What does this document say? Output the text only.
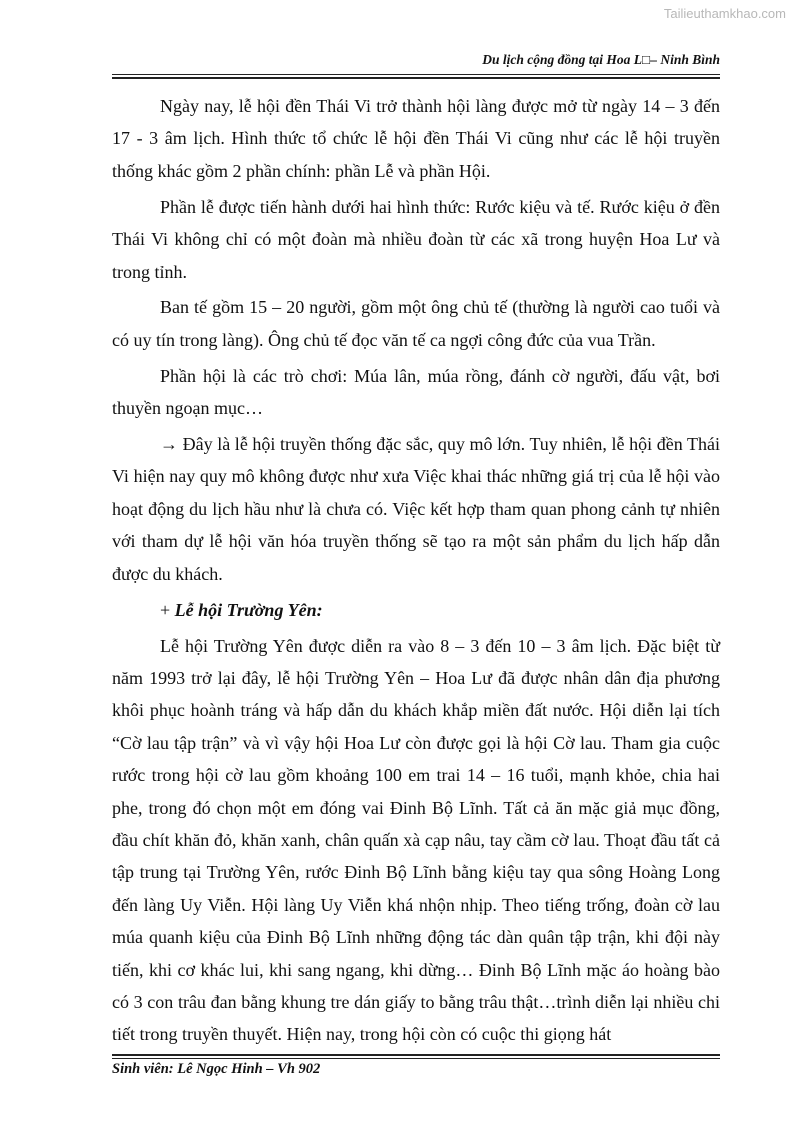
Tailieuthamkhao.com
Du lịch cộng đồng tại Hoa L□– Ninh Bình

Ngày nay, lễ hội đền Thái Vi trở thành hội làng được mở từ ngày 14 – 3 đến 17 - 3 âm lịch. Hình thức tổ chức lễ hội đền Thái Vi cũng như các lễ hội truyền thống khác gồm 2 phần chính: phần Lễ và phần Hội.

Phần lễ được tiến hành dưới hai hình thức: Rước kiệu và tế. Rước kiệu ở đền Thái Vi không chỉ có một đoàn mà nhiều đoàn từ các xã trong huyện Hoa Lư và trong tỉnh.

Ban tế gồm 15 – 20 người, gồm một ông chủ tế (thường là người cao tuổi và có uy tín trong làng). Ông chủ tế đọc văn tế ca ngợi công đức của vua Trần.

Phần hội là các trò chơi: Múa lân, múa rồng, đánh cờ người, đấu vật, bơi thuyền ngoạn mục…

→ Đây là lễ hội truyền thống đặc sắc, quy mô lớn. Tuy nhiên, lễ hội đền Thái Vi hiện nay quy mô không được như xưa Việc khai thác những giá trị của lễ hội vào hoạt động du lịch hầu như là chưa có. Việc kết hợp tham quan phong cảnh tự nhiên với tham dự lễ hội văn hóa truyền thống sẽ tạo ra một sản phẩm du lịch hấp dẫn được du khách.

+ Lễ hội Trường Yên:

Lễ hội Trường Yên được diễn ra vào 8 – 3 đến 10 – 3 âm lịch. Đặc biệt từ năm 1993 trở lại đây, lễ hội Trường Yên – Hoa Lư đã được nhân dân địa phương khôi phục hoành tráng và hấp dẫn du khách khắp miền đất nước. Hội diễn lại tích “Cờ lau tập trận” và vì vậy hội Hoa Lư còn được gọi là hội Cờ lau. Tham gia cuộc rước trong hội cờ lau gồm khoảng 100 em trai 14 – 16 tuổi, mạnh khỏe, chia hai phe, trong đó chọn một em đóng vai Đinh Bộ Lĩnh. Tất cả ăn mặc giả mục đồng, đầu chít khăn đỏ, khăn xanh, chân quấn xà cạp nâu, tay cầm cờ lau. Thoạt đầu tất cả tập trung tại Trường Yên, rước Đinh Bộ Lĩnh bằng kiệu tay qua sông Hoàng Long đến làng Uy Viễn. Hội làng Uy Viễn khá nhộn nhịp. Theo tiếng trống, đoàn cờ lau múa quanh kiệu của Đinh Bộ Lĩnh những động tác dàn quân tập trận, khi đội này tiến, khi cơ khác lui, khi sang ngang, khi dừng… Đinh Bộ Lĩnh mặc áo hoàng bào có 3 con trâu đan bằng khung tre dán giấy to bằng trâu thật…trình diễn lại nhiều chi tiết trong truyền thuyết. Hiện nay, trong hội còn có cuộc thi giọng hát

Sinh viên: Lê Ngọc Hinh – Vh 902
